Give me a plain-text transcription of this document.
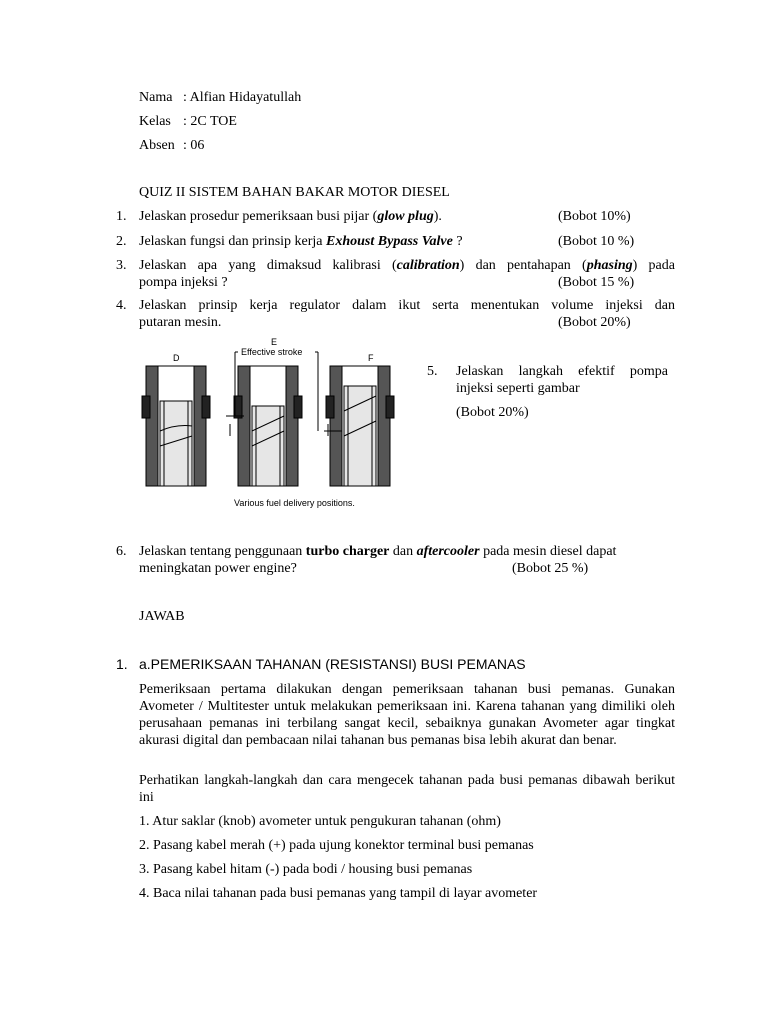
Nama : Alfian Hidayatullah
Kelas : 2C TOE
Absen : 06
QUIZ II SISTEM BAHAN BAKAR MOTOR DIESEL
1. Jelaskan prosedur pemeriksaan busi pijar (glow plug).	(Bobot 10%)
2. Jelaskan fungsi dan prinsip kerja Exhoust Bypass Valve ?	(Bobot 10 %)
3. Jelaskan apa yang dimaksud kalibrasi (calibration) dan pentahapan (phasing) pada
pompa injeksi ?	(Bobot 15 %)
4. Jelaskan prinsip kerja regulator dalam ikut serta menentukan volume injeksi dan
putaran mesin.	(Bobot 20%)
D
E
F
Effective stroke
Various fuel delivery positions.
5. Jelaskan langkah efektif pompa
injeksi seperti gambar
(Bobot 20%)
6. Jelaskan tentang penggunaan turbo charger dan aftercooler pada mesin diesel dapat
meningkatan power engine?	(Bobot 25 %)
JAWAB
1. a.PEMERIKSAAN TAHANAN (RESISTANSI) BUSI PEMANAS
Pemeriksaan pertama dilakukan dengan pemeriksaan tahanan busi pemanas. Gunakan Avometer / Multitester untuk melakukan pemeriksaan ini. Karena tahanan yang dimiliki oleh perusahaan pemanas ini terbilang sangat kecil, sebaiknya gunakan Avometer agar tingkat akurasi digital dan pembacaan nilai tahanan bus pemanas bisa lebih akurat dan benar.
Perhatikan langkah-langkah dan cara mengecek tahanan pada busi pemanas dibawah berikut ini
1. Atur saklar (knob) avometer untuk pengukuran tahanan (ohm)
2. Pasang kabel merah (+) pada ujung konektor terminal busi pemanas
3. Pasang kabel hitam (-) pada bodi / housing busi pemanas
4. Baca nilai tahanan pada busi pemanas yang tampil di layar avometer
